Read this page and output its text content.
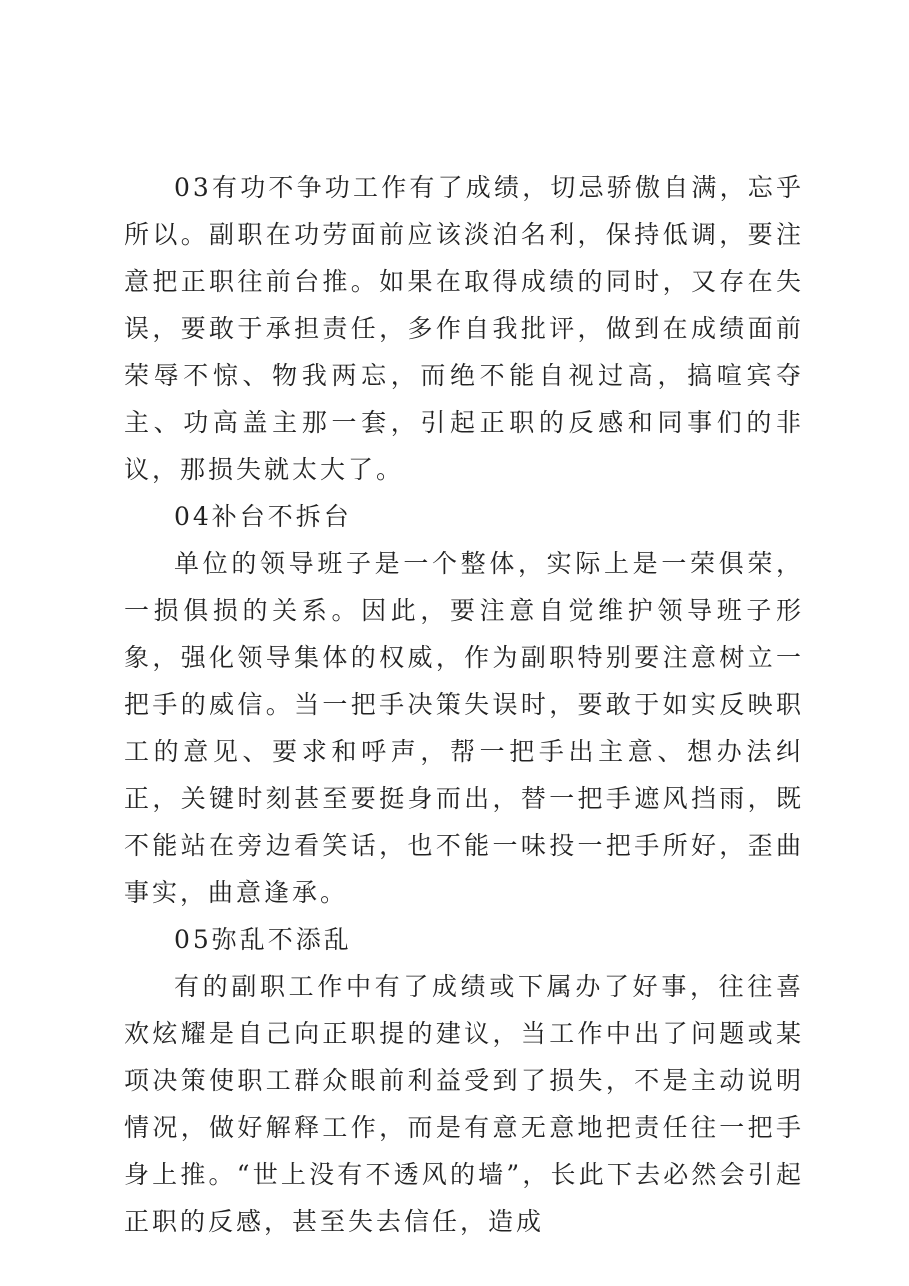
03有功不争功工作有了成绩，切忌骄傲自满，忘乎所以。副职在功劳面前应该淡泊名利，保持低调，要注意把正职往前台推。如果在取得成绩的同时，又存在失误，要敢于承担责任，多作自我批评，做到在成绩面前荣辱不惊、物我两忘，而绝不能自视过高，搞喧宾夺主、功高盖主那一套，引起正职的反感和同事们的非议，那损失就太大了。

04补台不拆台

单位的领导班子是一个整体，实际上是一荣俱荣，一损俱损的关系。因此，要注意自觉维护领导班子形象，强化领导集体的权威，作为副职特别要注意树立一把手的威信。当一把手决策失误时，要敢于如实反映职工的意见、要求和呼声，帮一把手出主意、想办法纠正，关键时刻甚至要挺身而出，替一把手遮风挡雨，既不能站在旁边看笑话，也不能一味投一把手所好，歪曲事实，曲意逢承。

05弥乱不添乱

有的副职工作中有了成绩或下属办了好事，往往喜欢炫耀是自己向正职提的建议，当工作中出了问题或某项决策使职工群众眼前利益受到了损失，不是主动说明情况，做好解释工作，而是有意无意地把责任往一把手身上推。“世上没有不透风的墙”，长此下去必然会引起正职的反感，甚至失去信任，造成
